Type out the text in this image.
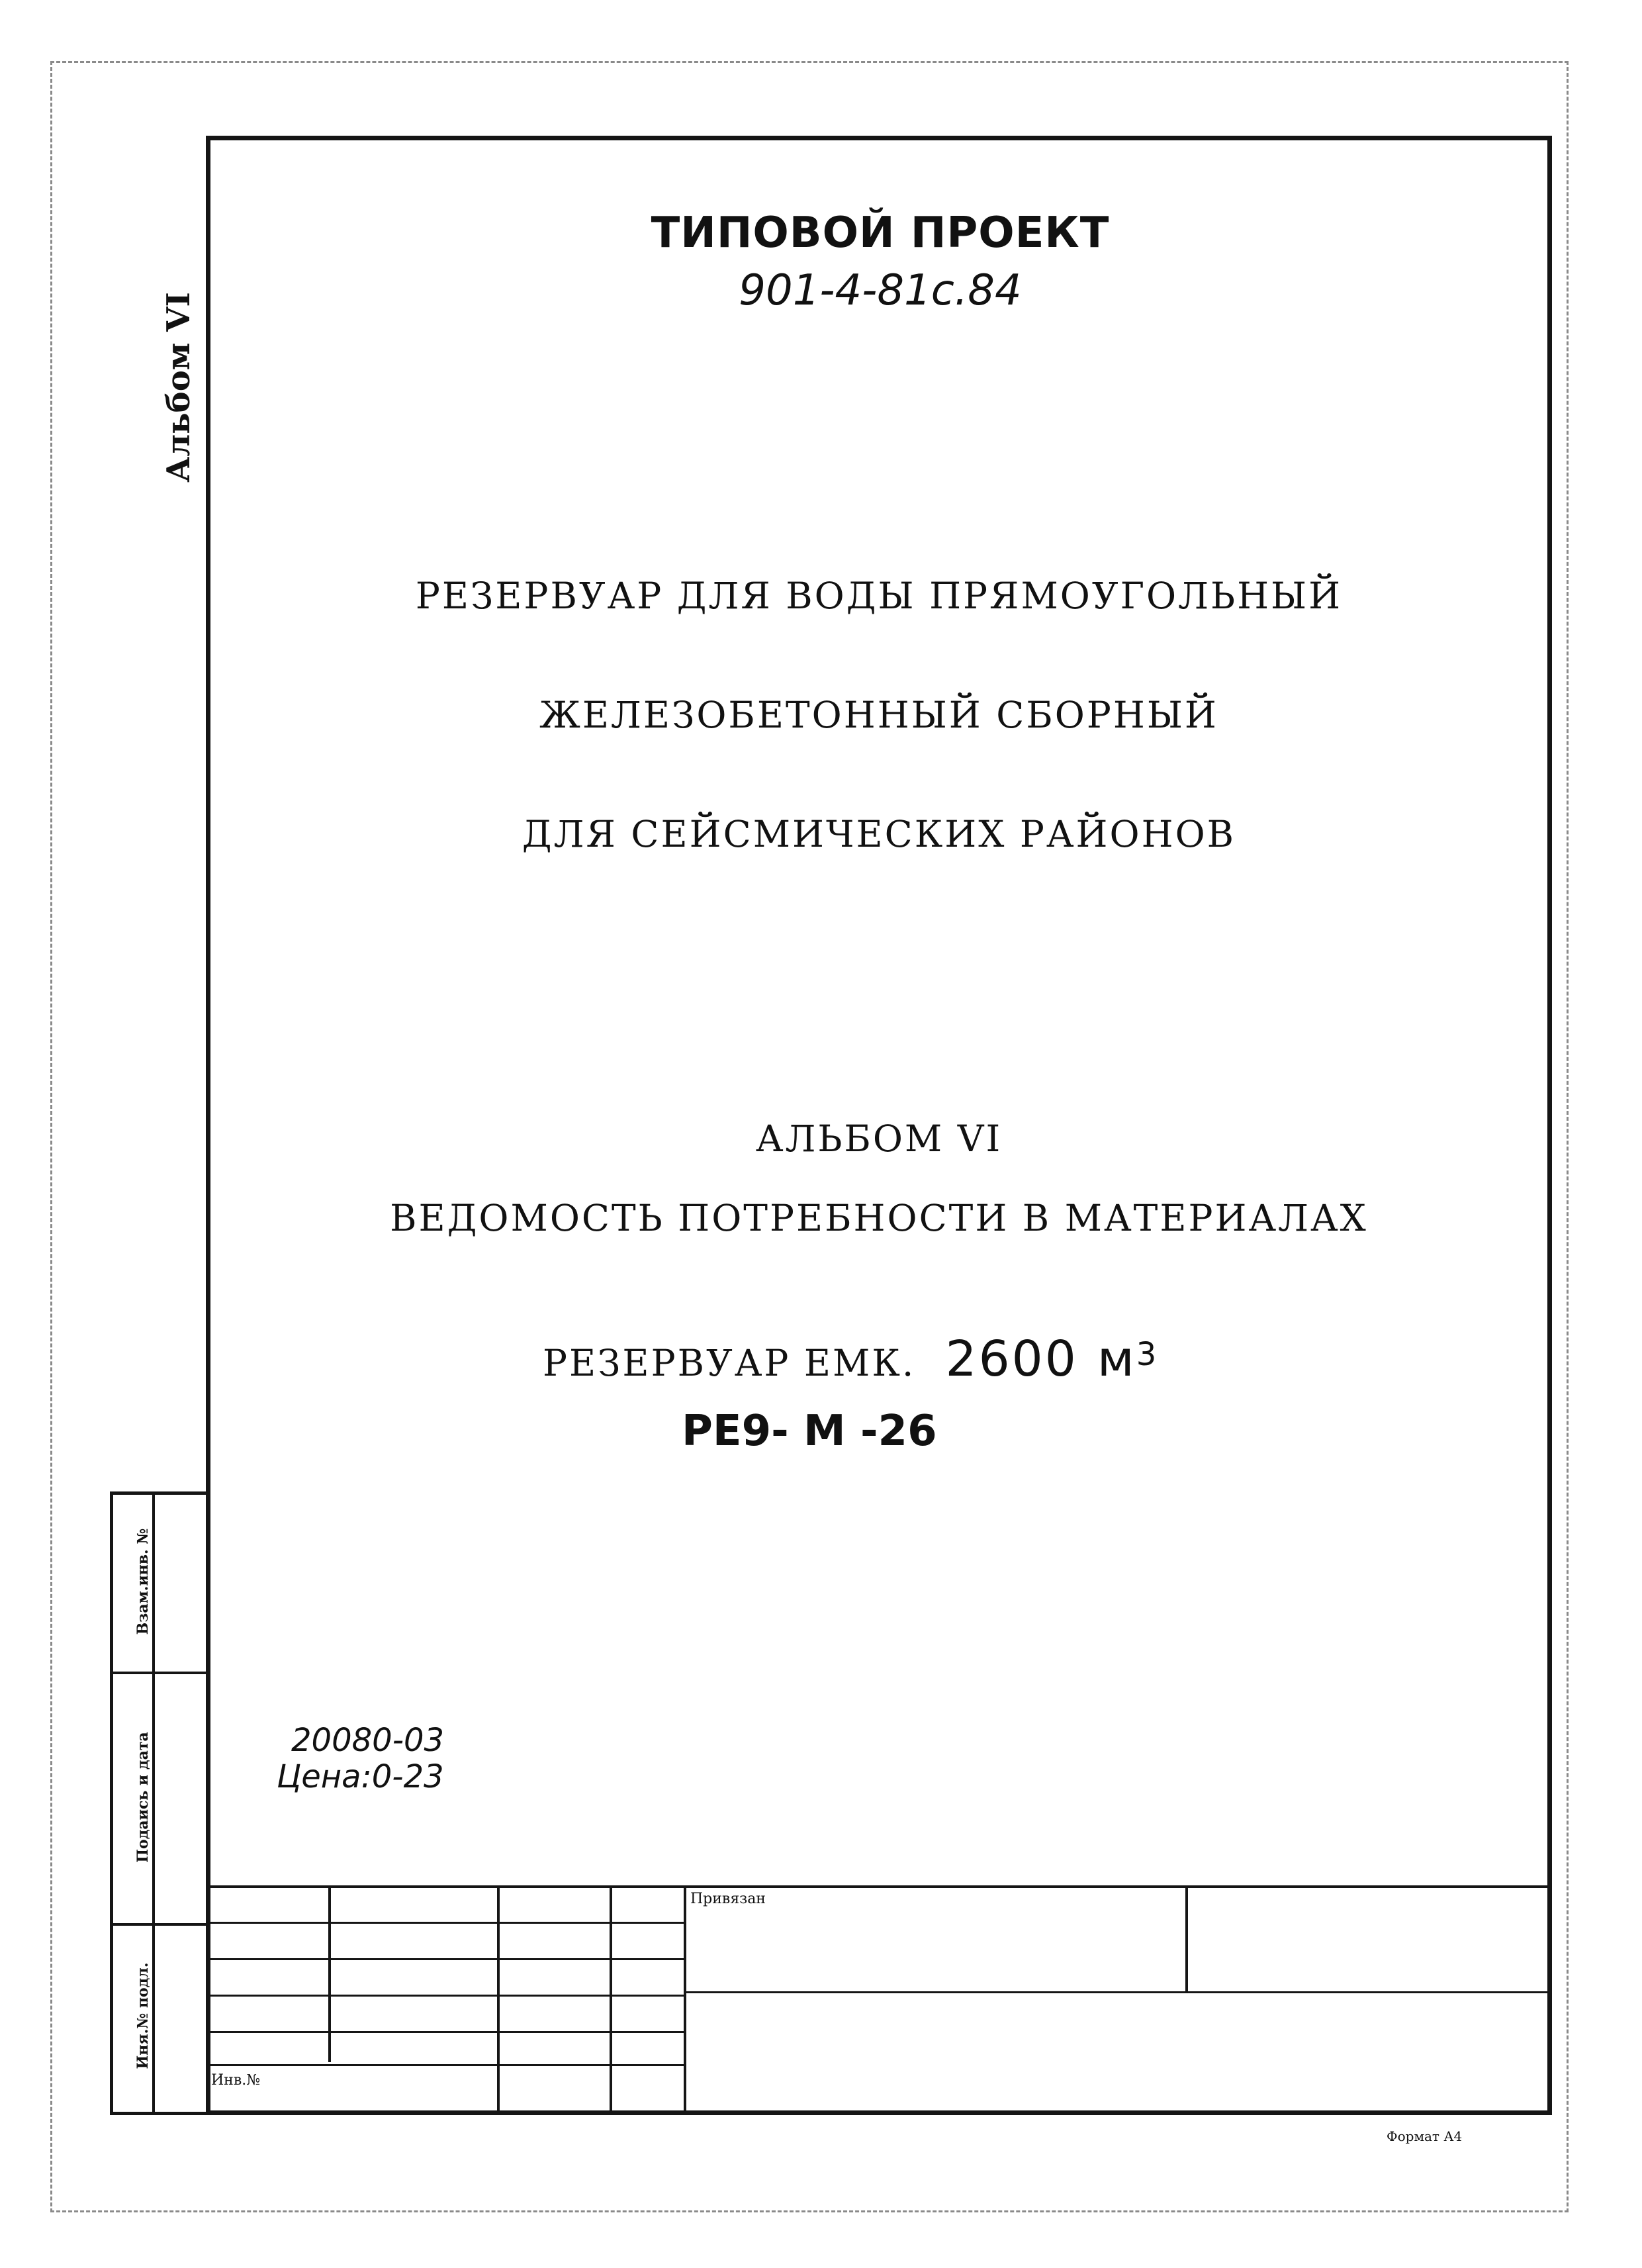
Альбом VI
Взам.инв. №
Подаись и дата
Иня.№ подл.
ТИПОВОЙ ПРОЕКТ
901-4-81с.84
РЕЗЕРВУАР ДЛЯ ВОДЫ ПРЯМОУГОЛЬНЫЙ
ЖЕЛЕЗОБЕТОННЫЙ СБОРНЫЙ
ДЛЯ СЕЙСМИЧЕСКИХ РАЙОНОВ
АЛЬБОМ VI
ВЕДОМОСТЬ ПОТРЕБНОСТИ В МАТЕРИАЛАХ
РЕЗЕРВУАР ЕМК. 2600 $м^3$
РЕ9- М -26
20080-03
Цена:0-23
Привязан
Инв.№
Формат А4
